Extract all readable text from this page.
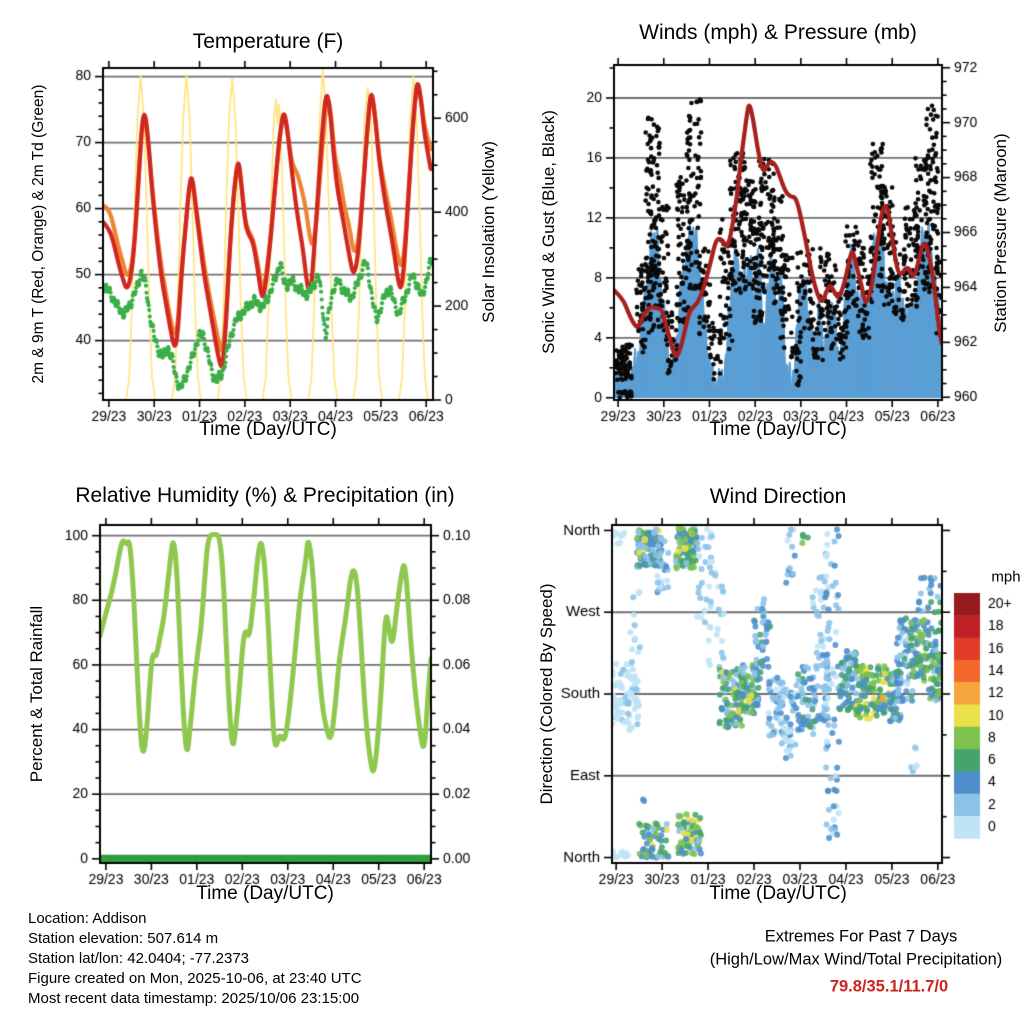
Temperature (F)	Winds (mph) & Pressure (mb)
Relative Humidity (%) & Precipitation (in)	Wind Direction
2m & 9m T (Red, Orange) & 2m Td (Green)	Solar Insolation (Yellow) Sonic Wind & Gust (Blue, Black)	Station Pressure (Maroon)
Percent & Total Rainfall	Direction (Colored By Speed)
Time (Day/UTC)	Time (Day/UTC)
Time (Day/UTC)	Time (Day/UTC)
mph
Location: Addison
Station elevation: 507.614 m
Station lat/lon: 42.0404; -77.2373
Figure created on Mon, 2025-10-06, at 23:40 UTC
Most recent data timestamp: 2025/10/06 23:15:00
Extremes For Past 7 Days
(High/Low/Max Wind/Total Precipitation)
79.8/35.1/11.7/0
